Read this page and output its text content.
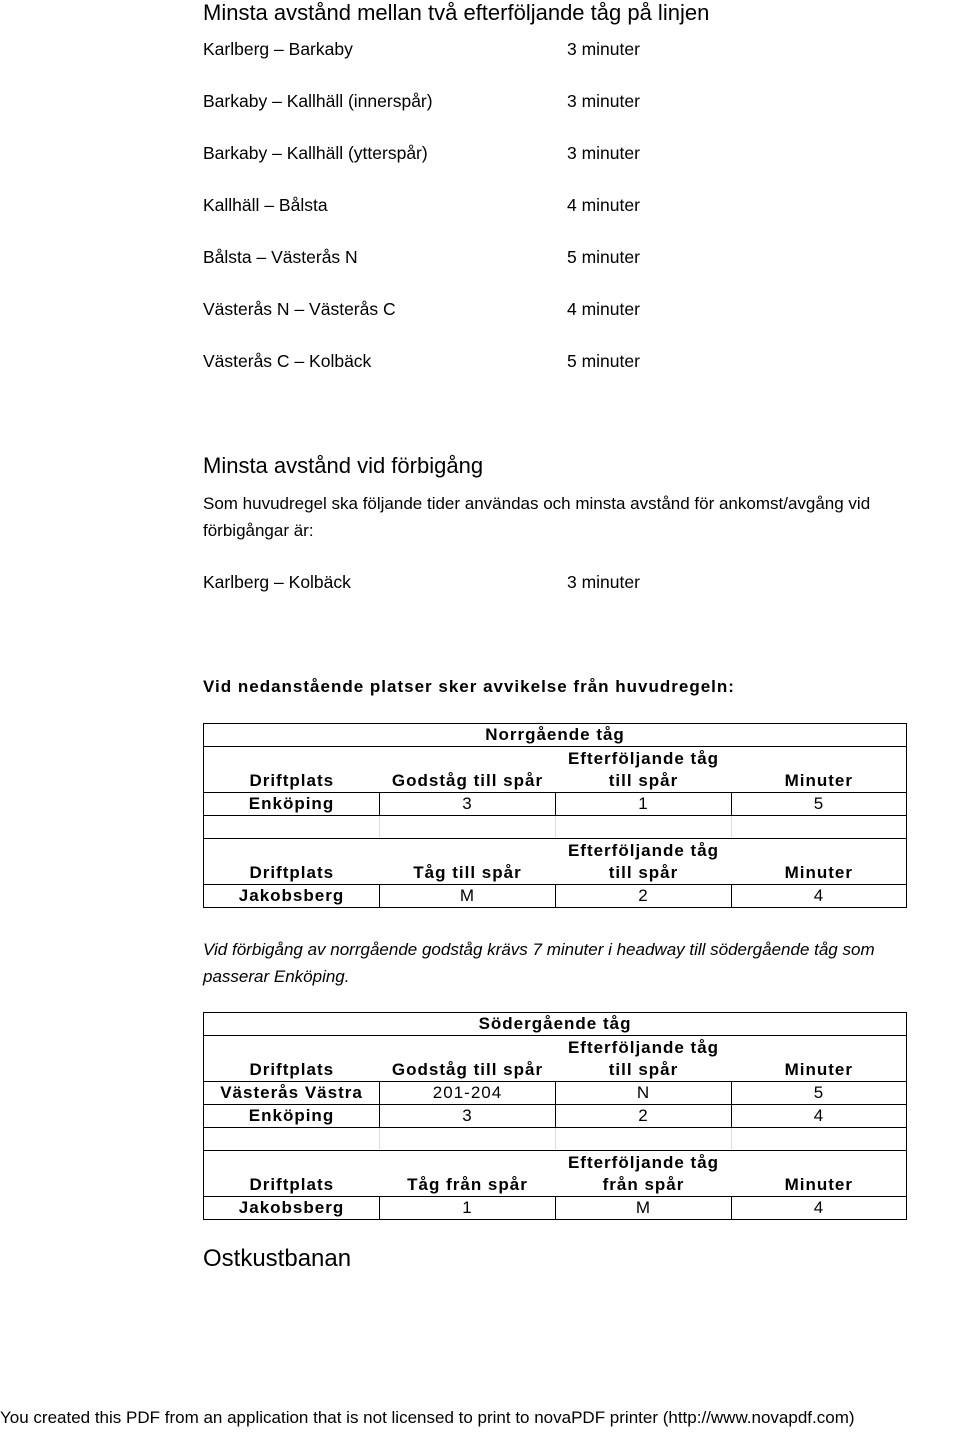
Minsta avstånd mellan två efterföljande tåg på linjen
Karlberg – Barkaby	3 minuter
Barkaby – Kallhäll (innerspår)	3 minuter
Barkaby – Kallhäll (ytterspår)	3 minuter
Kallhäll – Bålsta	4 minuter
Bålsta – Västerås N	5 minuter
Västerås N – Västerås C	4 minuter
Västerås C – Kolbäck	5 minuter
Minsta avstånd vid förbigång
Som huvudregel ska följande tider användas och minsta avstånd för ankomst/avgång vid förbigångar är:
Karlberg – Kolbäck	3 minuter
Vid nedanstående platser sker avvikelse från huvudregeln:
Norrgående tåg			
Driftplats	Godståg till spår	Efterföljande tåg till spår	Minuter
Enköping	3	1	5

Driftplats	Tåg till spår	Efterföljande tåg till spår	Minuter
Jakobsberg	M	2	4
Vid förbigång av norrgående godståg krävs 7 minuter i headway till södergående tåg som
passerar Enköping.
Södergående tåg			
Driftplats	Godståg till spår	Efterföljande tåg till spår	Minuter
Västerås Västra	201-204	N	5
Enköping	3	2	4

Driftplats	Tåg från spår	Efterföljande tåg från spår	Minuter
Jakobsberg	1	M	4
Ostkustbanan
You created this PDF from an application that is not licensed to print to novaPDF printer (http://www.novapdf.com)
